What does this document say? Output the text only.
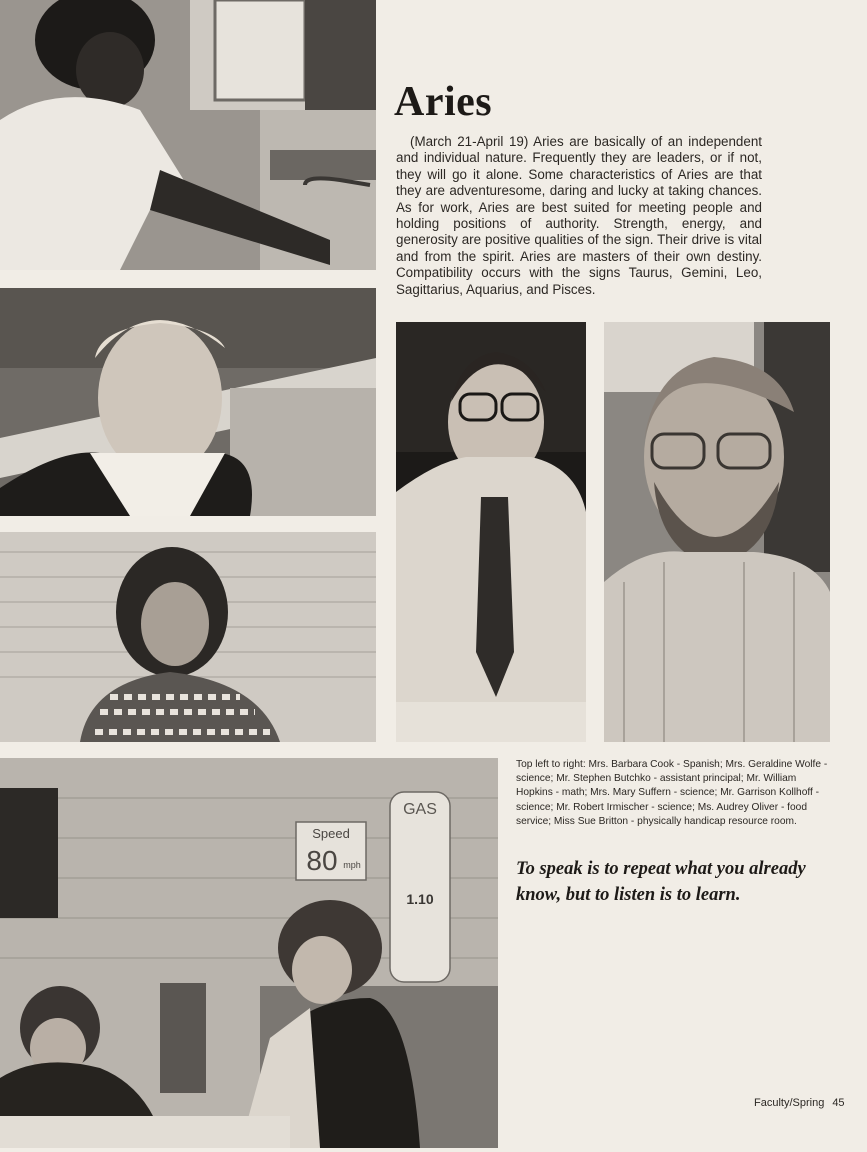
Speed
80 mph
GAS
1.10
Aries

(March 21-April 19) Aries are basically of an independent and individual nature. Frequently they are leaders, or if not, they will go it alone. Some characteristics of Aries are that they are adventuresome, daring and lucky at taking chances. As for work, Aries are best suited for meeting people and holding positions of authority. Strength, energy, and generosity are positive qualities of the sign. Their drive is vital and from the spirit. Aries are masters of their own destiny. Compatibility occurs with the signs Taurus, Gemini, Leo, Sagittarius, Aquarius, and Pisces.

Top left to right: Mrs. Barbara Cook - Spanish; Mrs. Geraldine Wolfe - science; Mr. Stephen Butchko - assistant principal; Mr. William Hopkins - math; Mrs. Mary Suffern - science; Mr. Garrison Kollhoff - science; Mr. Robert Irmischer - science; Ms. Audrey Oliver - food service; Miss Sue Britton - physically handicap resource room.

To speak is to repeat what you already know, but to listen is to learn.

Faculty/Spring 45
